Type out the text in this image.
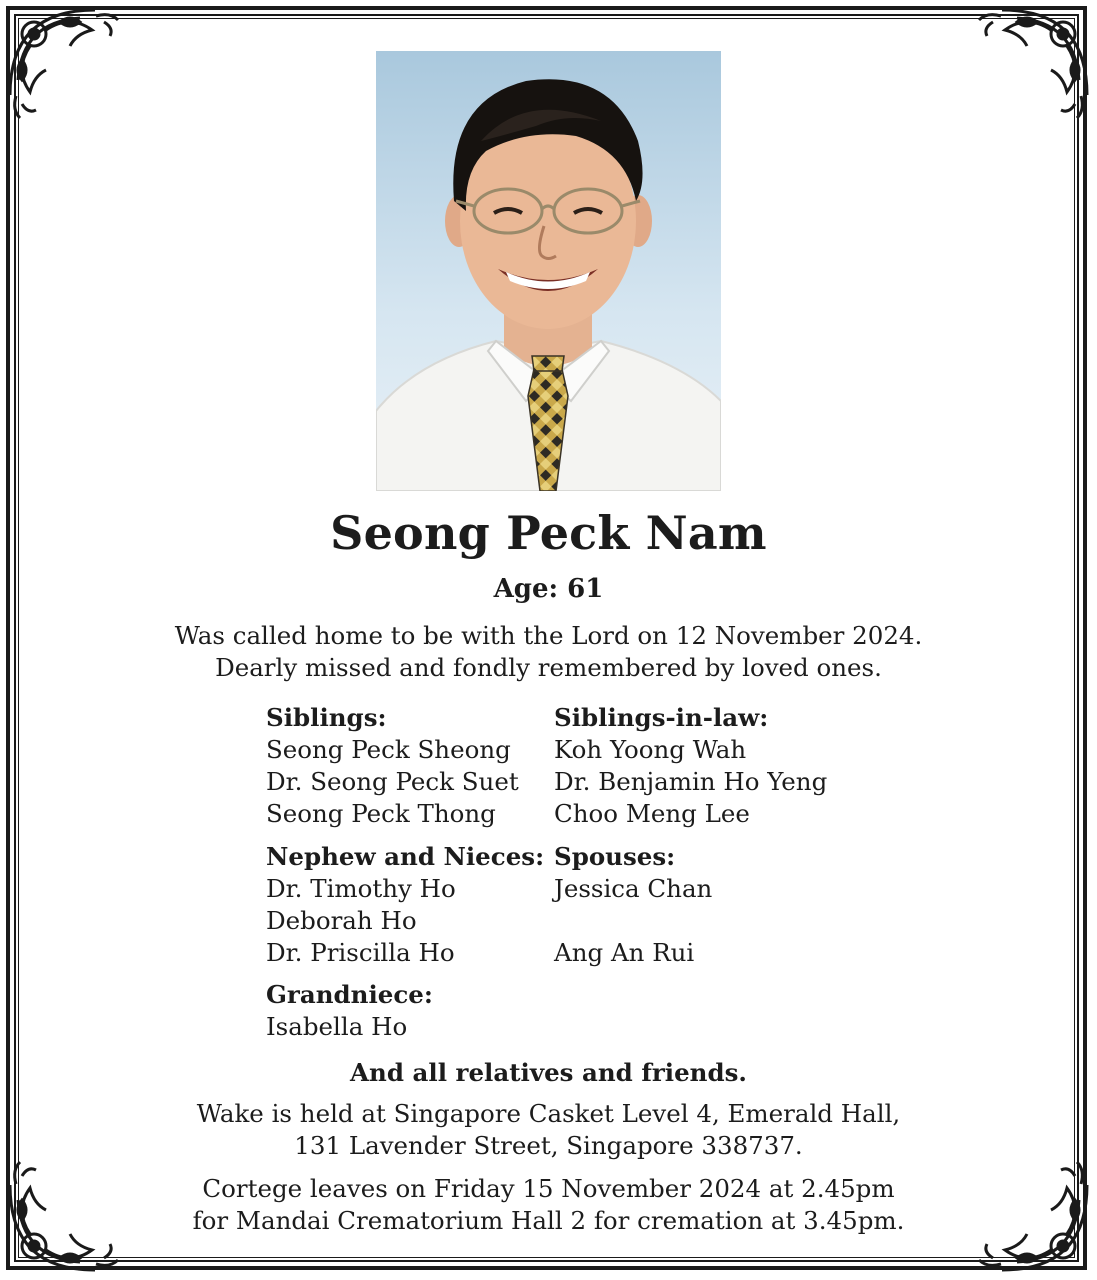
Seong Peck Nam
Age: 61
Was called home to be with the Lord on 12 November 2024.
Dearly missed and fondly remembered by loved ones.
Siblings:
Seong Peck Sheong
Dr. Seong Peck Suet
Seong Peck Thong
Nephew and Nieces:
Dr. Timothy Ho
Deborah Ho
Dr. Priscilla Ho
Grandniece:
Isabella Ho
Siblings-in-law:
Koh Yoong Wah
Dr. Benjamin Ho Yeng
Choo Meng Lee
Spouses:
Jessica Chan
Ang An Rui
And all relatives and friends.
Wake is held at Singapore Casket Level 4, Emerald Hall,
131 Lavender Street, Singapore 338737.
Cortege leaves on Friday 15 November 2024 at 2.45pm
for Mandai Crematorium Hall 2 for cremation at 3.45pm.
